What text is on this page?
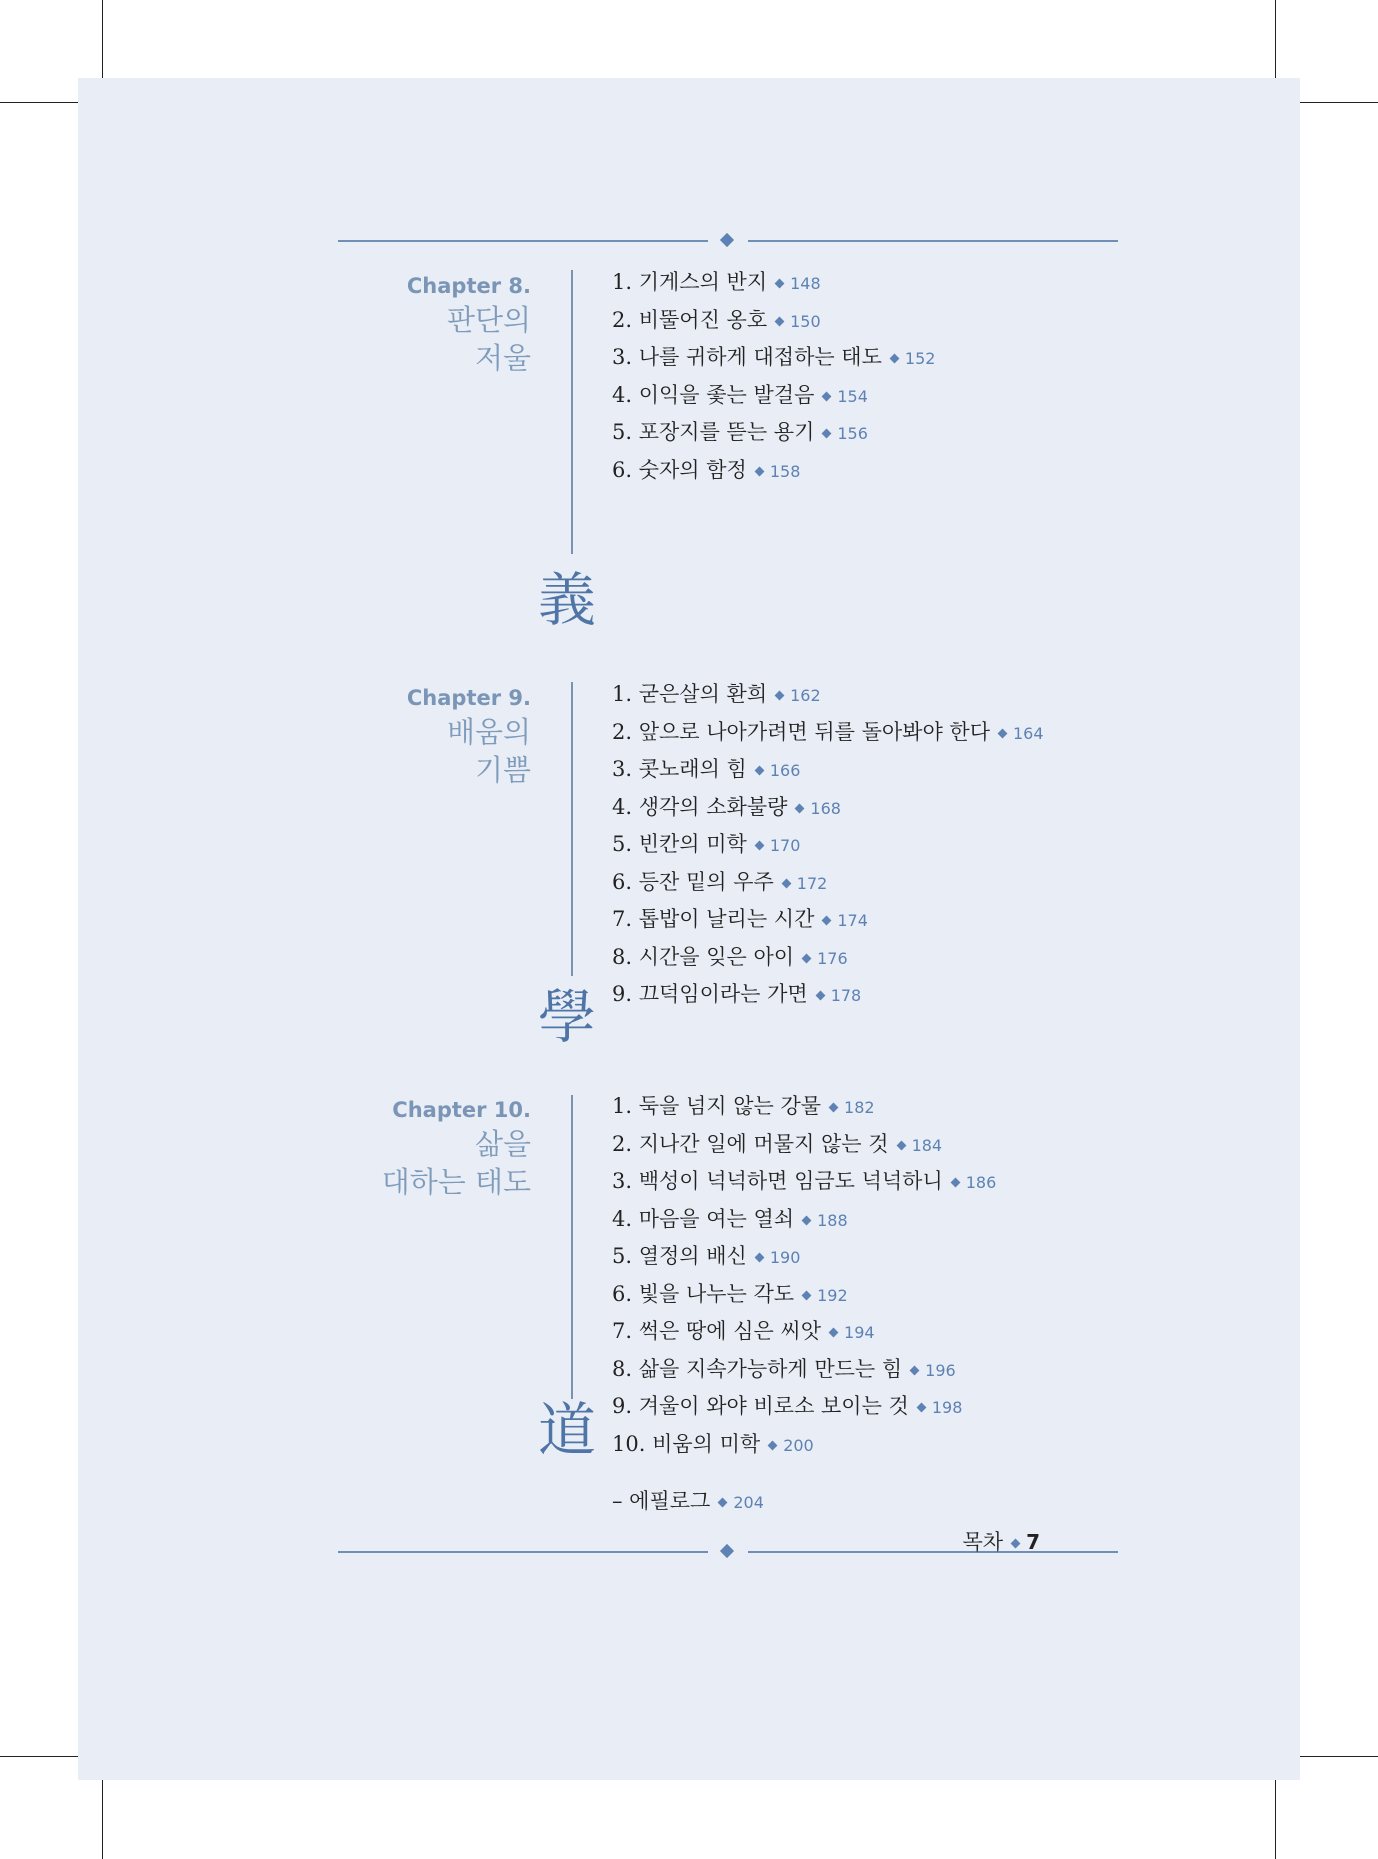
Chapter 8.
판단의
저울
義
1. 기게스의 반지 148
2. 비뚤어진 옹호 150
3. 나를 귀하게 대접하는 태도 152
4. 이익을 좇는 발걸음 154
5. 포장지를 뜯는 용기 156
6. 숫자의 함정 158
Chapter 9.
배움의
기쁨
學
1. 굳은살의 환희 162
2. 앞으로 나아가려면 뒤를 돌아봐야 한다 164
3. 콧노래의 힘 166
4. 생각의 소화불량 168
5. 빈칸의 미학 170
6. 등잔 밑의 우주 172
7. 톱밥이 날리는 시간 174
8. 시간을 잊은 아이 176
9. 끄덕임이라는 가면 178
Chapter 10.
삶을
대하는 태도
道
1. 둑을 넘지 않는 강물 182
2. 지나간 일에 머물지 않는 것 184
3. 백성이 넉넉하면 임금도 넉넉하니 186
4. 마음을 여는 열쇠 188
5. 열정의 배신 190
6. 빛을 나누는 각도 192
7. 썩은 땅에 심은 씨앗 194
8. 삶을 지속가능하게 만드는 힘 196
9. 겨울이 와야 비로소 보이는 것 198
10. 비움의 미학 200
– 에필로그 204
목차 7
